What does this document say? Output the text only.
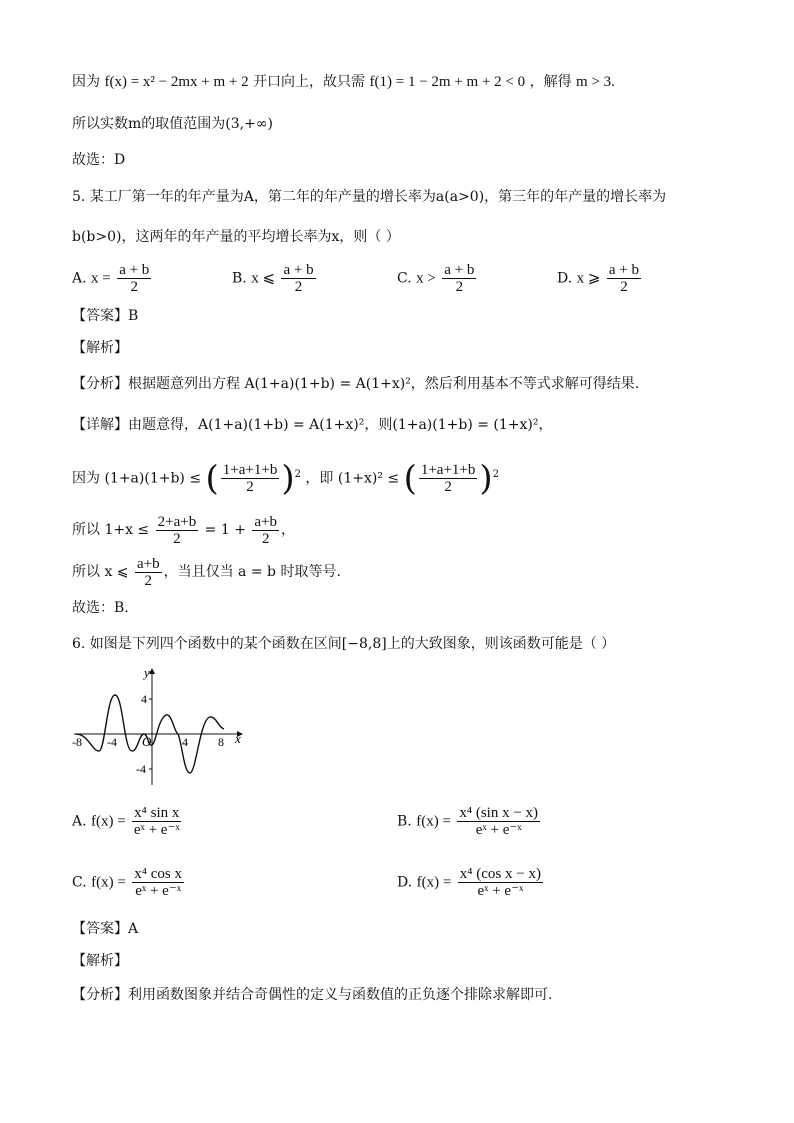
因为 f(x) = x² − 2mx + m + 2 开口向上，故只需 f(1) = 1 − 2m + m + 2 < 0 ，解得 m > 3.
所以实数m的取值范围为(3,+∞)
故选：D
5. 某工厂第一年的年产量为A，第二年的年产量的增长率为a(a>0)，第三年的年产量的增长率为
b(b>0)，这两年的年产量的平均增长率为x，则（ ）
A. $x = \frac{a + b}{2}$	B. x ⩽ $\frac{a + b}{2}$	C. $x > \frac{a + b}{2}$	D. x ⩾ $\frac{a + b}{2}$
【答案】B
【解析】
【分析】根据题意列出方程 A(1+a)(1+b) = A(1+x)²，然后利用基本不等式求解可得结果.
【详解】由题意得，A(1+a)(1+b) = A(1+x)²，则(1+a)(1+b) = (1+x)²，
因为 (1+a)(1+b) ≤ ( $\frac{1+a+1+b}{2} )^2$ ，即 (1+x)² ≤ ( $\frac{1+a+1+b}{2} )^2$
所以 $1+x \le \frac{2+a+b}{2} = 1 + \frac{a+b}{2}$ ，
所以 x ⩽ $\frac{a+b}{2}$ ，当且仅当 a = b 时取等号.
故选：B.
6. 如图是下列四个函数中的某个函数在区间[−8,8]上的大致图象，则该函数可能是（ ）
y
x
O
-8 -4	4	8
4
-4
A. $f(x) = \frac{\text{x⁴ sin x}}{\text{eˣ + e⁻ˣ}}$	B. $f(x) = \frac{\text{x⁴ (sin x − x)}}{\text{eˣ + e⁻ˣ}}$
C. $f(x) = \frac{\text{x⁴ cos x}}{\text{eˣ + e⁻ˣ}}$	D. $f(x) = \frac{\text{x⁴ (cos x − x)}}{\text{eˣ + e⁻ˣ}}$
【答案】A
【解析】
【分析】利用函数图象并结合奇偶性的定义与函数值的正负逐个排除求解即可.
